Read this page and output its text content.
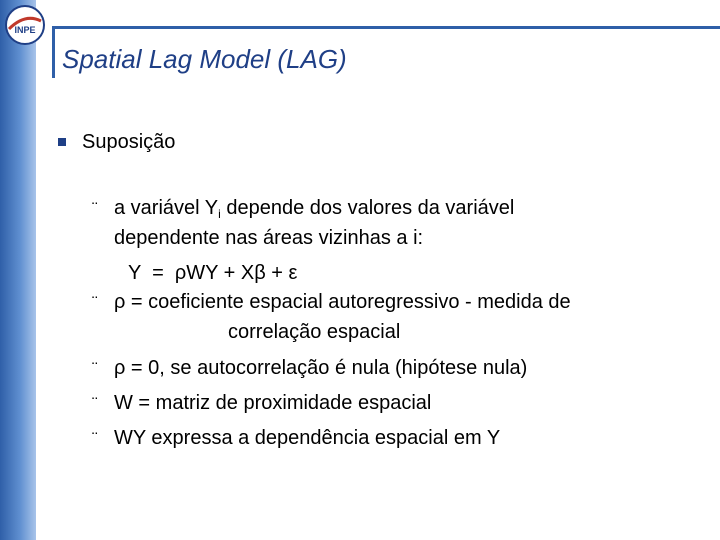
INPE
Spatial Lag Model (LAG)
Suposição
¨ a variável $Y_i$ depende dos valores da variável
dependente nas áreas vizinhas a i:
Y  =  ρWY + Xβ + ε
¨ ρ = coeficiente espacial autoregressivo - medida de
correlação espacial
¨ ρ = 0, se autocorrelação é nula (hipótese nula)
¨ W = matriz de proximidade espacial
¨ WY expressa a dependência espacial em Y
